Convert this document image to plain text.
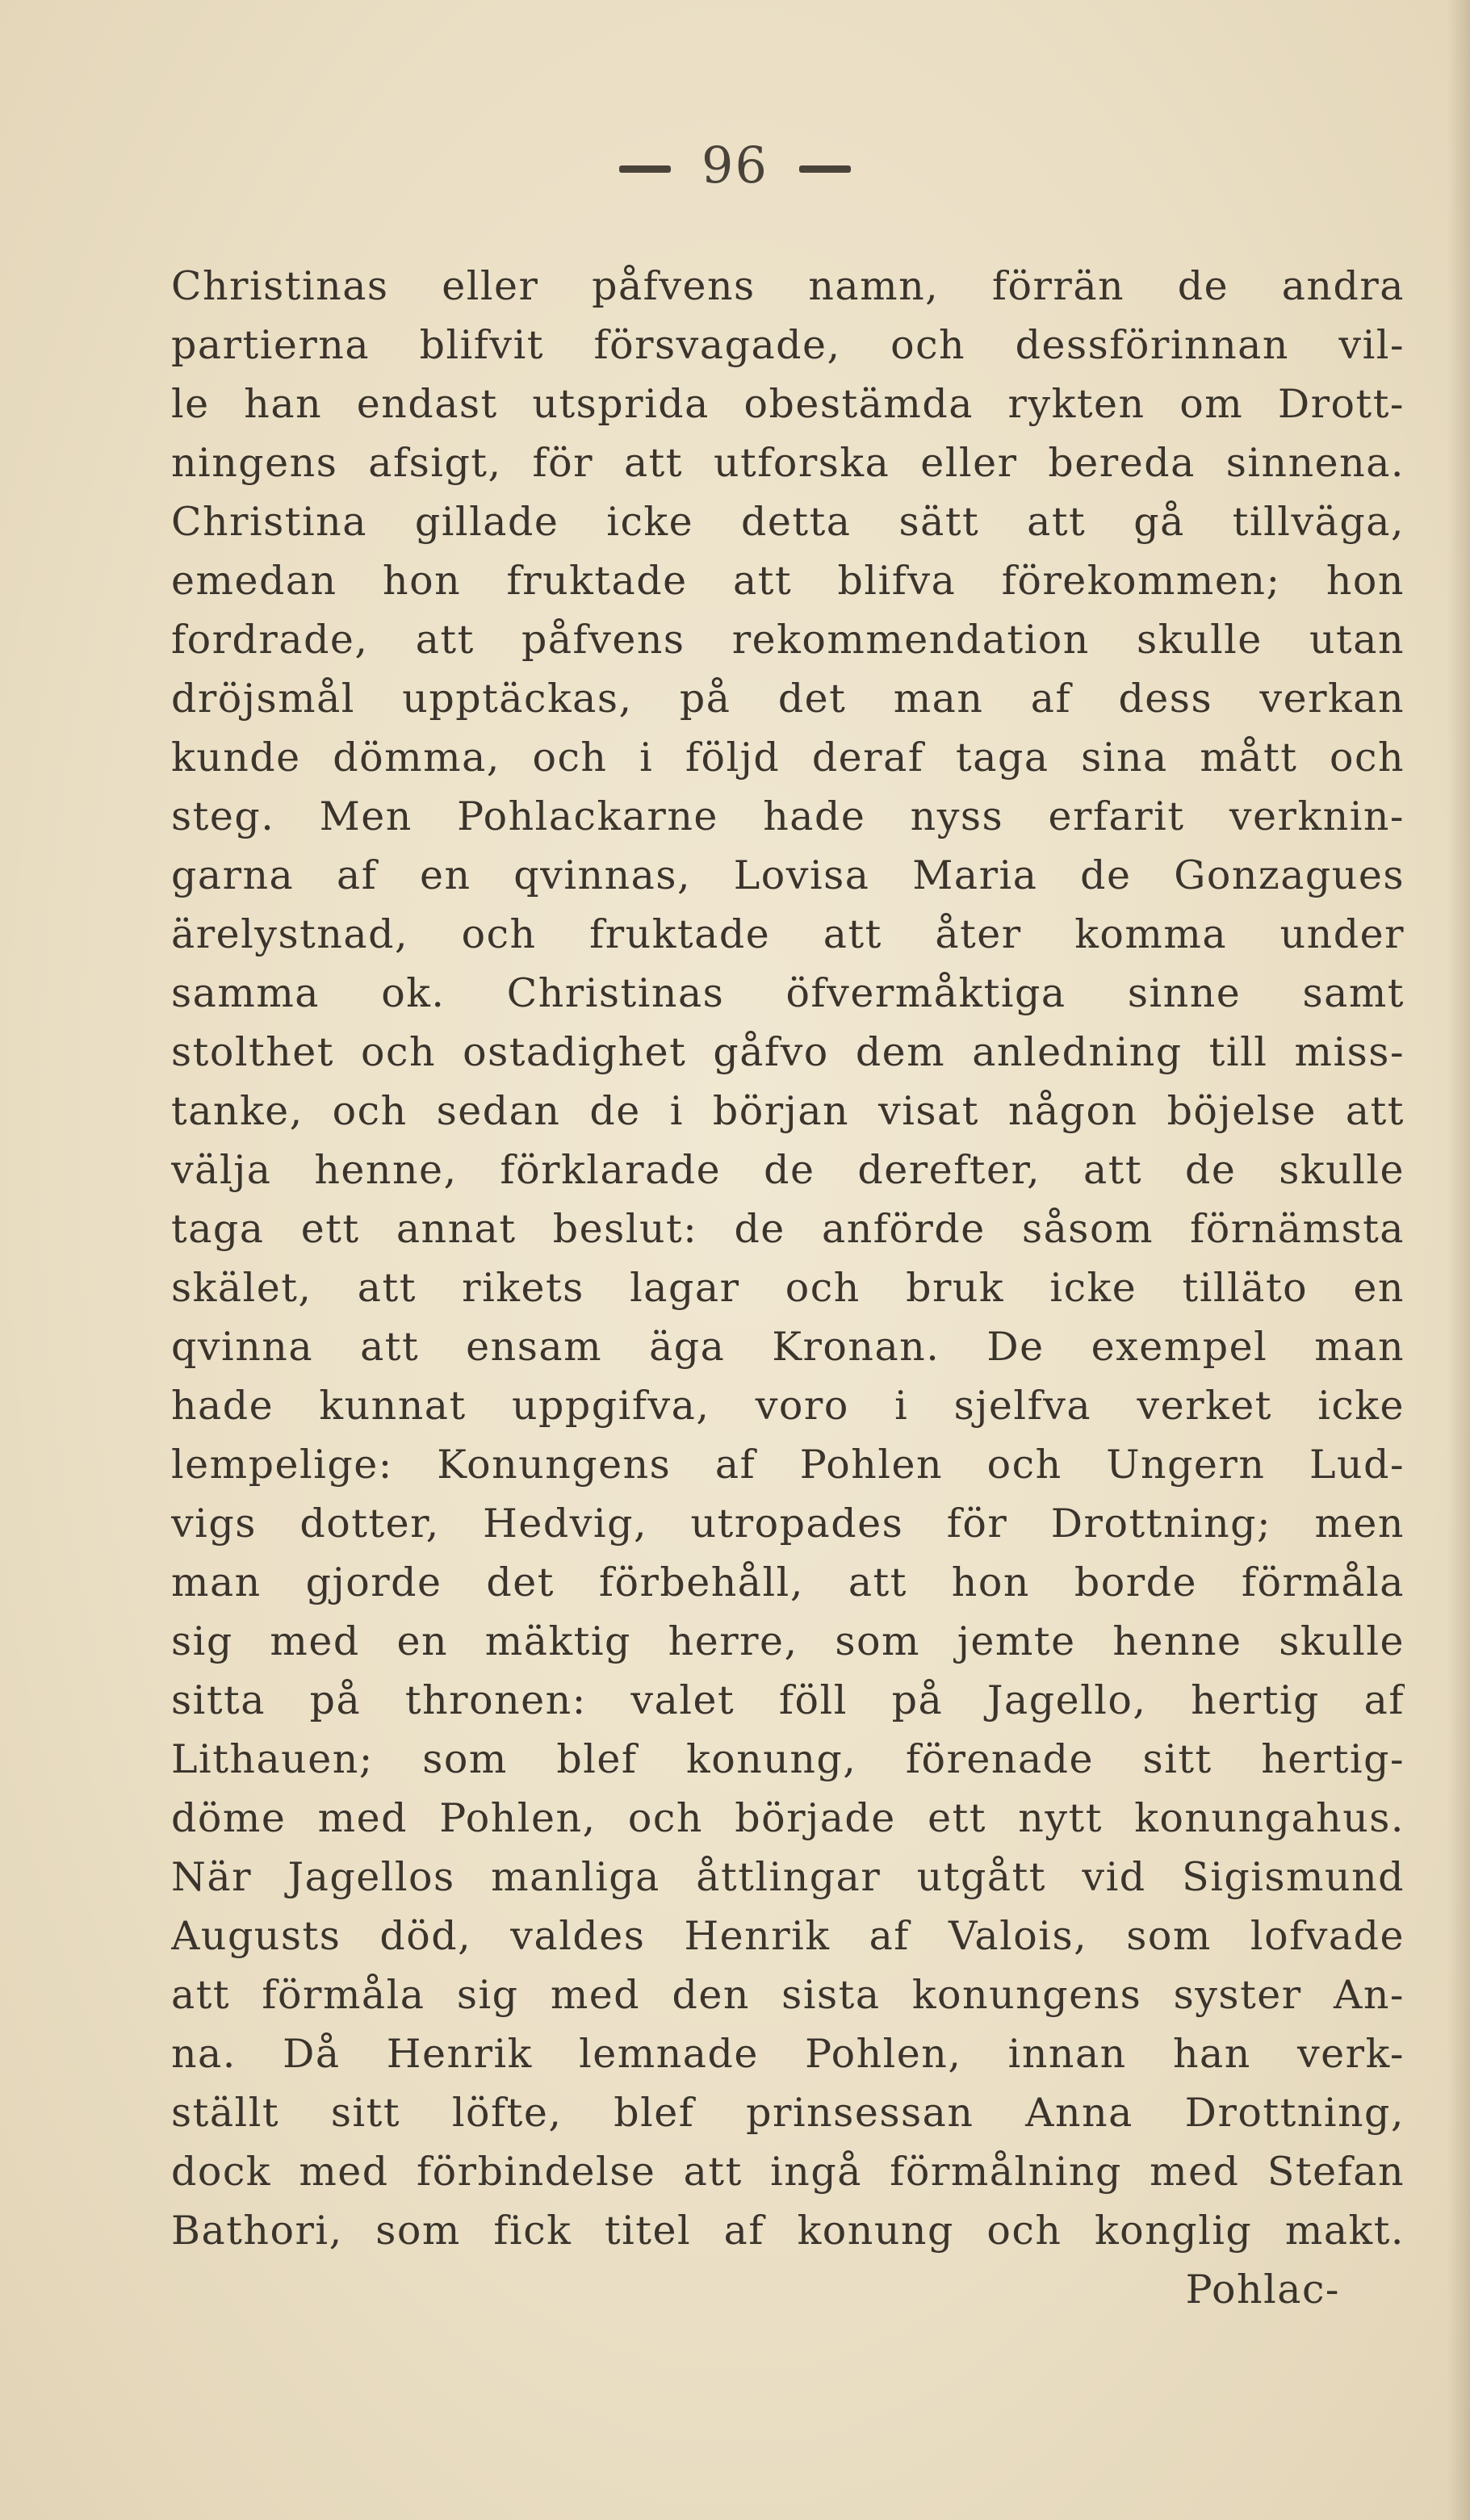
96
Christinas eller påfvens namn, förrän de andra
partierna blifvit försvagade, och dessförinnan vil-
le han endast utsprida obestämda rykten om Drott-
ningens afsigt, för att utforska eller bereda sinnena.
Christina gillade icke detta sätt att gå tillväga,
emedan hon fruktade att blifva förekommen; hon
fordrade, att påfvens rekommendation skulle utan
dröjsmål upptäckas, på det man af dess verkan
kunde dömma, och i följd deraf taga sina mått och
steg. Men Pohlackarne hade nyss erfarit verknin-
garna af en qvinnas, Lovisa Maria de Gonzagues
ärelystnad, och fruktade att åter komma under
samma ok. Christinas öfvermåktiga sinne samt
stolthet och ostadighet gåfvo dem anledning till miss-
tanke, och sedan de i början visat någon böjelse att
välja henne, förklarade de derefter, att de skulle
taga ett annat beslut: de anförde såsom förnämsta
skälet, att rikets lagar och bruk icke tilläto en
qvinna att ensam äga Kronan. De exempel man
hade kunnat uppgifva, voro i sjelfva verket icke
lempelige: Konungens af Pohlen och Ungern Lud-
vigs dotter, Hedvig, utropades för Drottning; men
man gjorde det förbehåll, att hon borde förmåla
sig med en mäktig herre, som jemte henne skulle
sitta på thronen: valet föll på Jagello, hertig af
Lithauen; som blef konung, förenade sitt hertig-
döme med Pohlen, och började ett nytt konungahus.
När Jagellos manliga åttlingar utgått vid Sigismund
Augusts död, valdes Henrik af Valois, som lofvade
att förmåla sig med den sista konungens syster An-
na. Då Henrik lemnade Pohlen, innan han verk-
ställt sitt löfte, blef prinsessan Anna Drottning,
dock med förbindelse att ingå förmålning med Stefan
Bathori, som fick titel af konung och konglig makt.
Pohlac-
